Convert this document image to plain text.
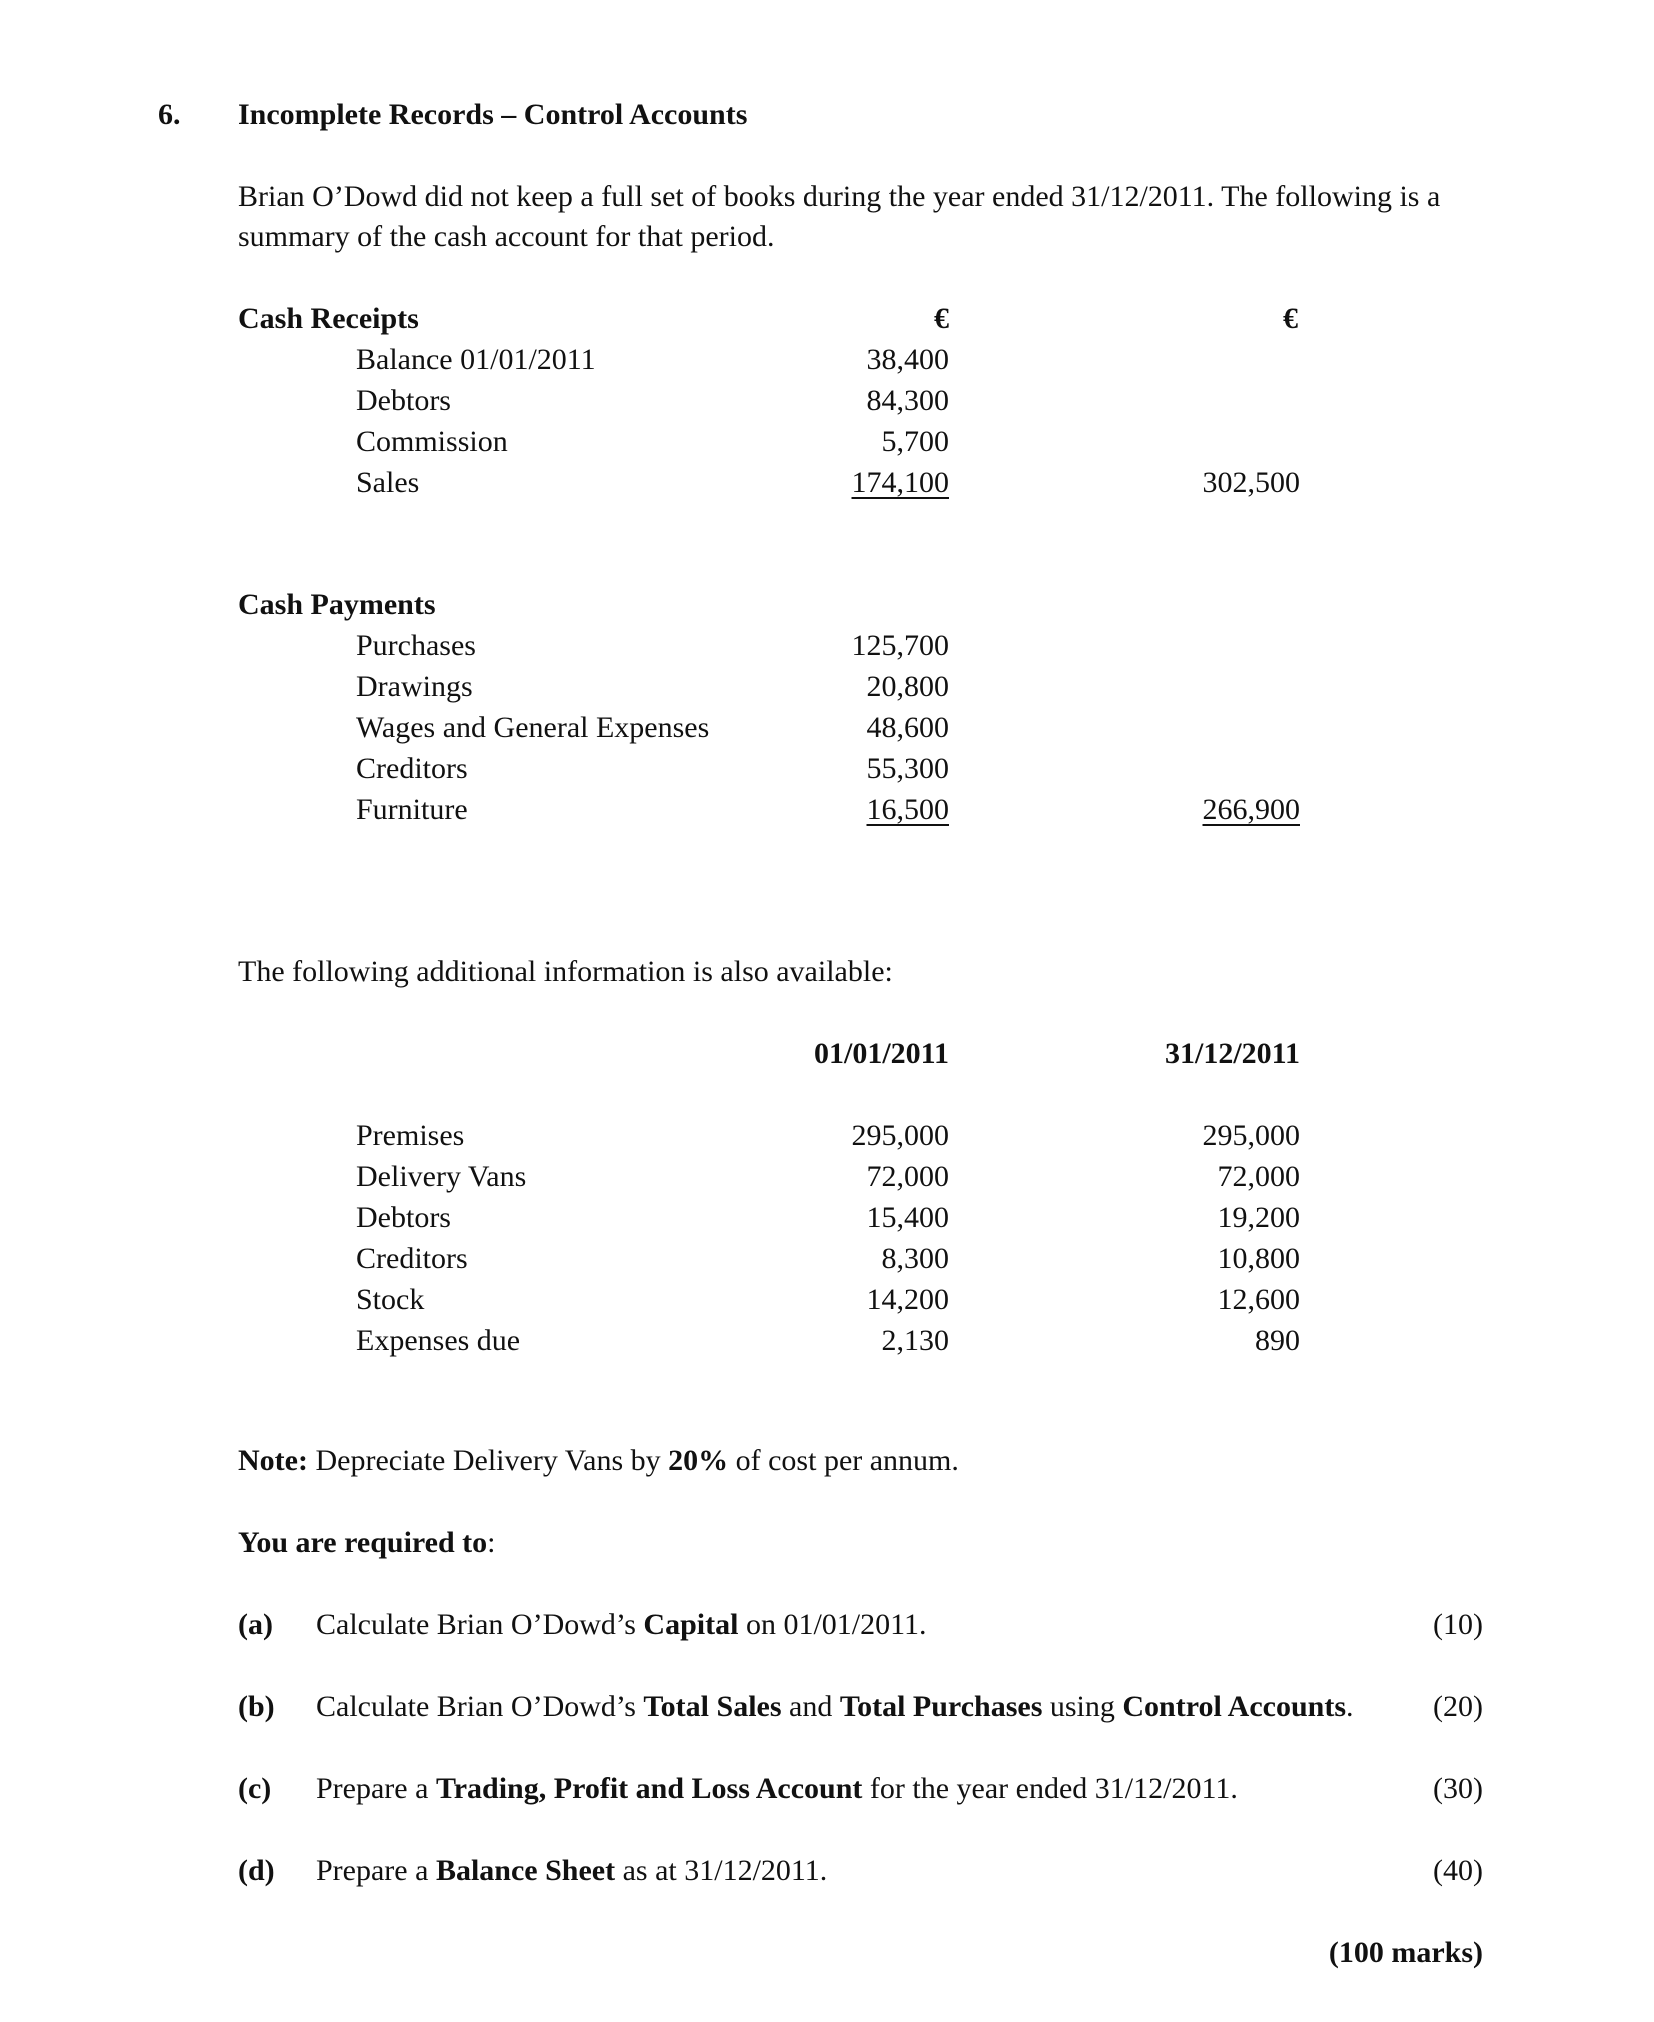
6. Incomplete Records – Control Accounts
Brian O’Dowd did not keep a full set of books during the year ended 31/12/2011. The following is a
summary of the cash account for that period.
Cash Receipts	€	€
Balance 01/01/2011	38,400
Debtors	84,300
Commission	5,700
Sales	174,100	302,500
Cash Payments
Purchases	125,700
Drawings	20,800
Wages and General Expenses	48,600
Creditors	55,300
Furniture	16,500	266,900
The following additional information is also available:
01/01/2011	31/12/2011
Premises	295,000	295,000
Delivery Vans	72,000	72,000
Debtors	15,400	19,200
Creditors	8,300	10,800
Stock	14,200	12,600
Expenses due	2,130	890
Note: Depreciate Delivery Vans by 20% of cost per annum.
You are required to:
(a) Calculate Brian O’Dowd’s Capital on 01/01/2011.	(10)
(b) Calculate Brian O’Dowd’s Total Sales and Total Purchases using Control Accounts.	(20)
(c) Prepare a Trading, Profit and Loss Account for the year ended 31/12/2011.	(30)
(d) Prepare a Balance Sheet as at 31/12/2011.	(40)
(100 marks)
